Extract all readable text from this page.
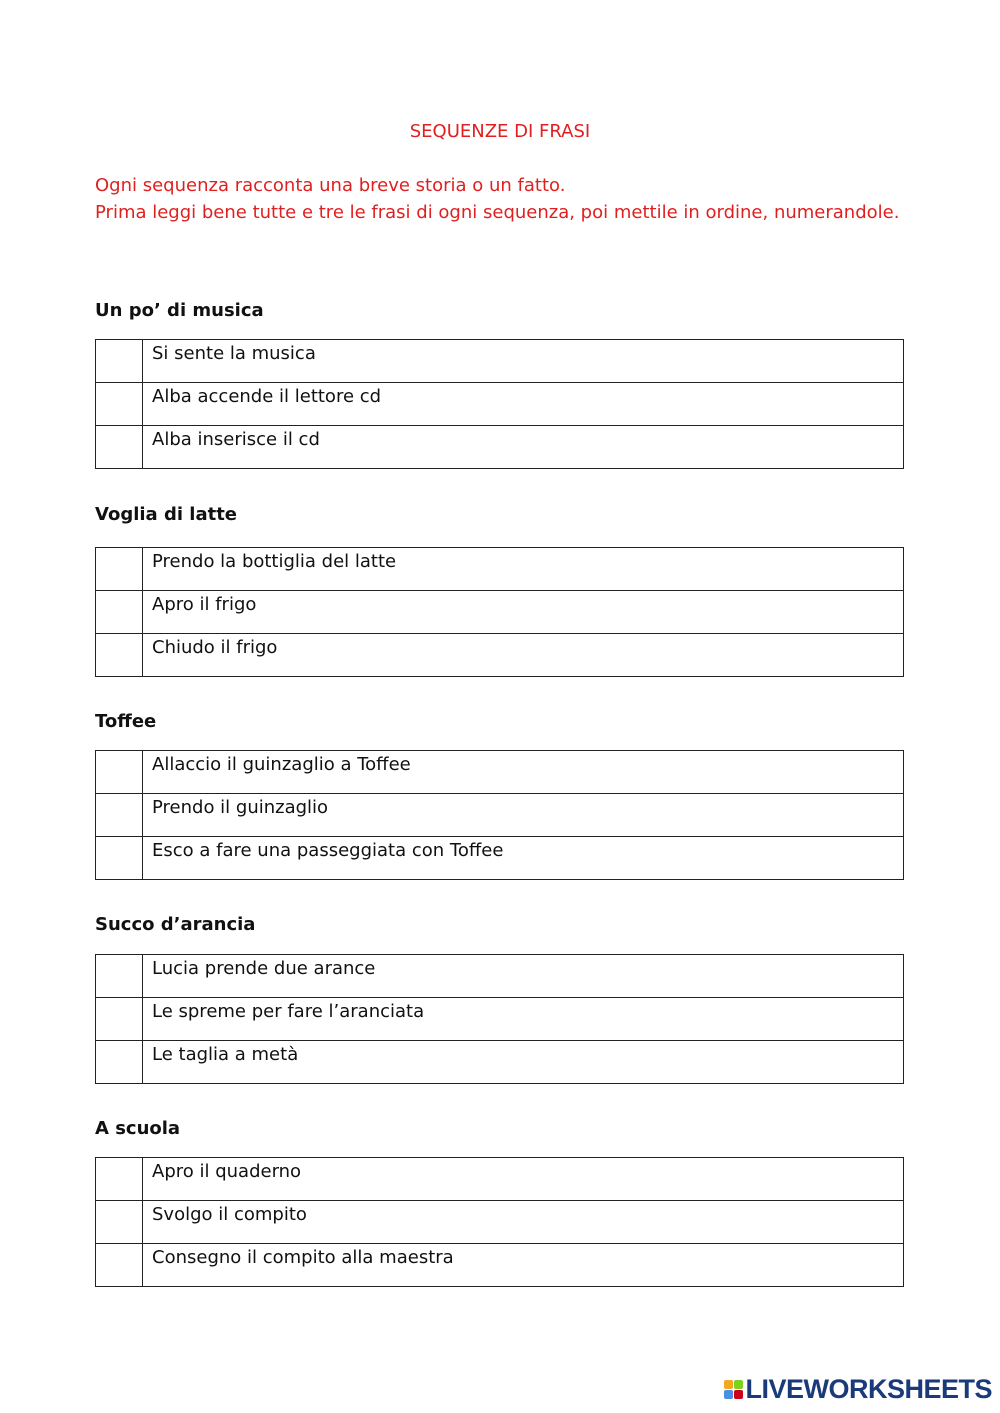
SEQUENZE DI FRASI

Ogni sequenza racconta una breve storia o un fatto.

Prima leggi bene tutte e tre le frasi di ogni sequenza, poi mettile in ordine, numerandole.

Un po’ di musica
	Si sente la musica
	Alba accende il lettore cd
	Alba inserisce il cd
Voglia di latte
	Prendo la bottiglia del latte
	Apro il frigo
	Chiudo il frigo
Toffee
	Allaccio il guinzaglio a Toffee
	Prendo il guinzaglio
	Esco a fare una passeggiata con Toffee
Succo d’arancia
	Lucia prende due arance
	Le spreme per fare l’aranciata
	Le taglia a metà
A scuola
	Apro il quaderno
	Svolgo il compito
	Consegno il compito alla maestra
LIVEWORKSHEETS
